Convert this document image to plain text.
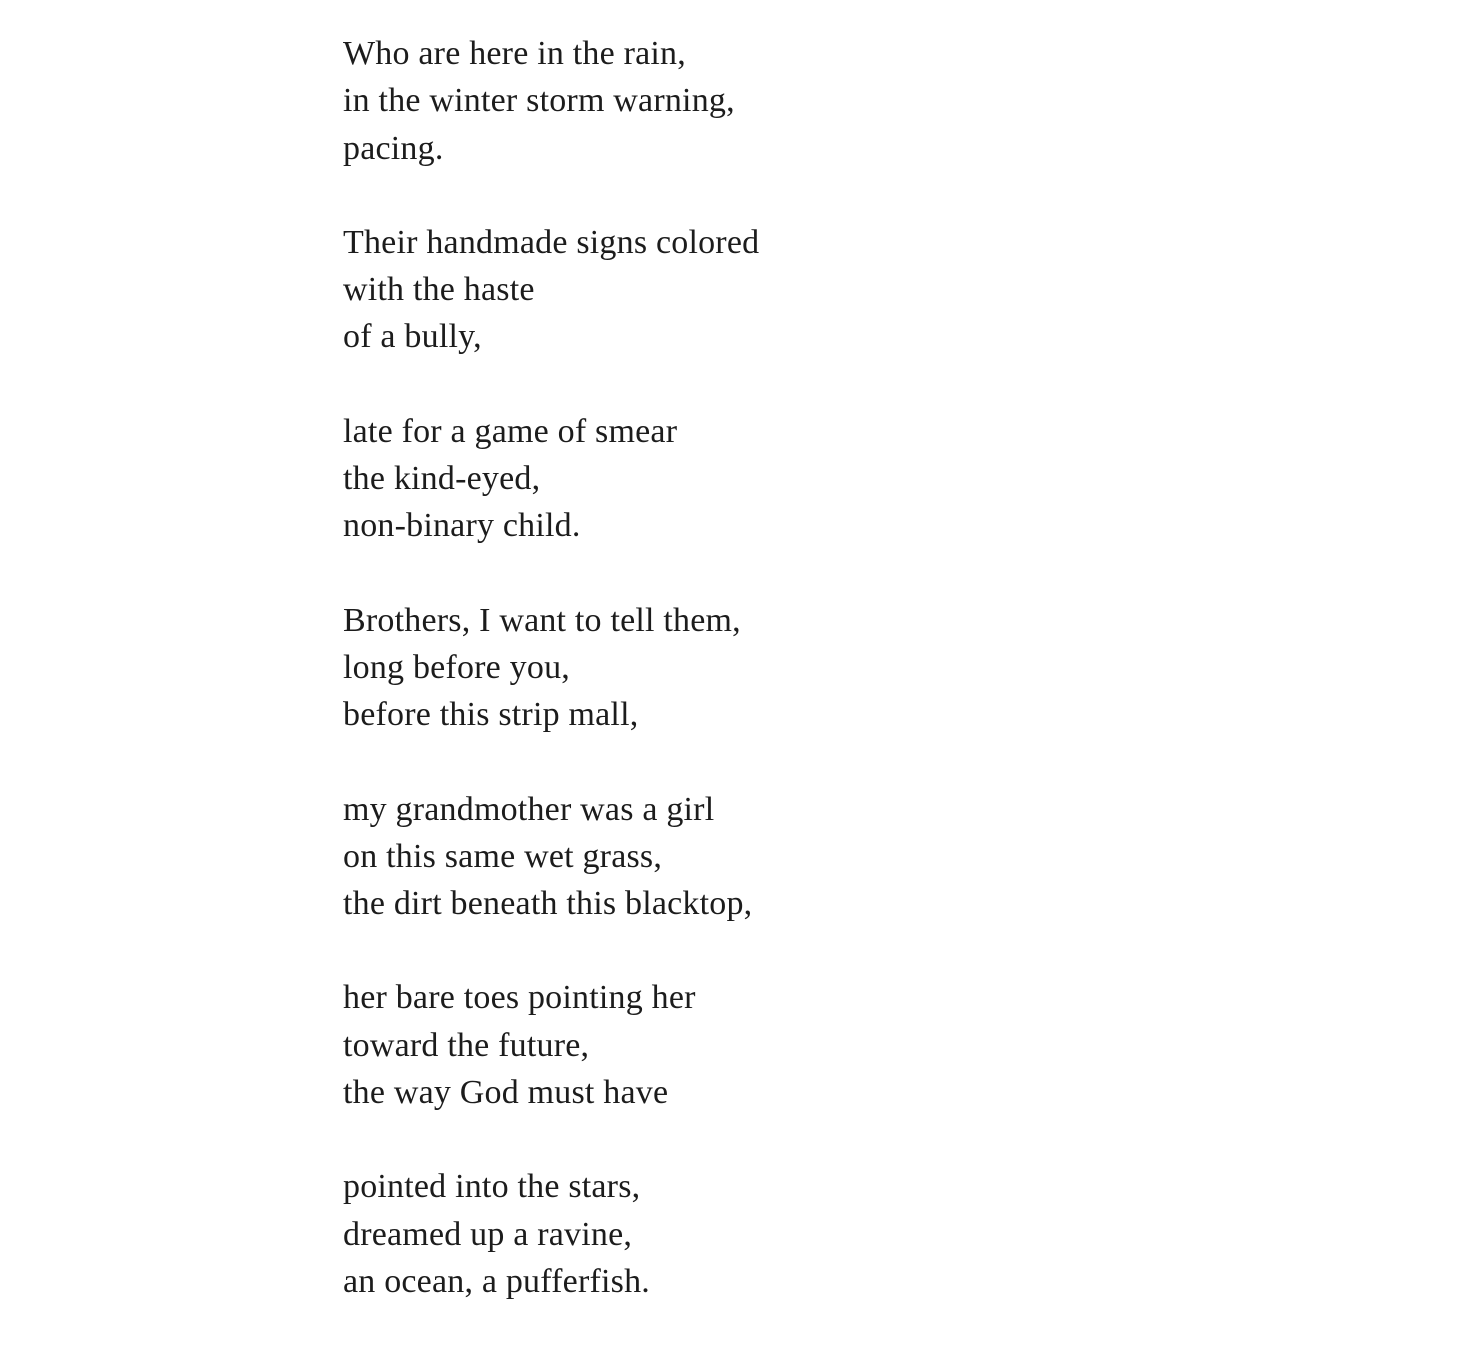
Who are here in the rain,
in the winter storm warning,
pacing.
Their handmade signs colored
with the haste
of a bully,
late for a game of smear
the kind-eyed,
non-binary child.
Brothers, I want to tell them,
long before you,
before this strip mall,
my grandmother was a girl
on this same wet grass,
the dirt beneath this blacktop,
her bare toes pointing her
toward the future,
the way God must have
pointed into the stars,
dreamed up a ravine,
an ocean, a pufferfish.
